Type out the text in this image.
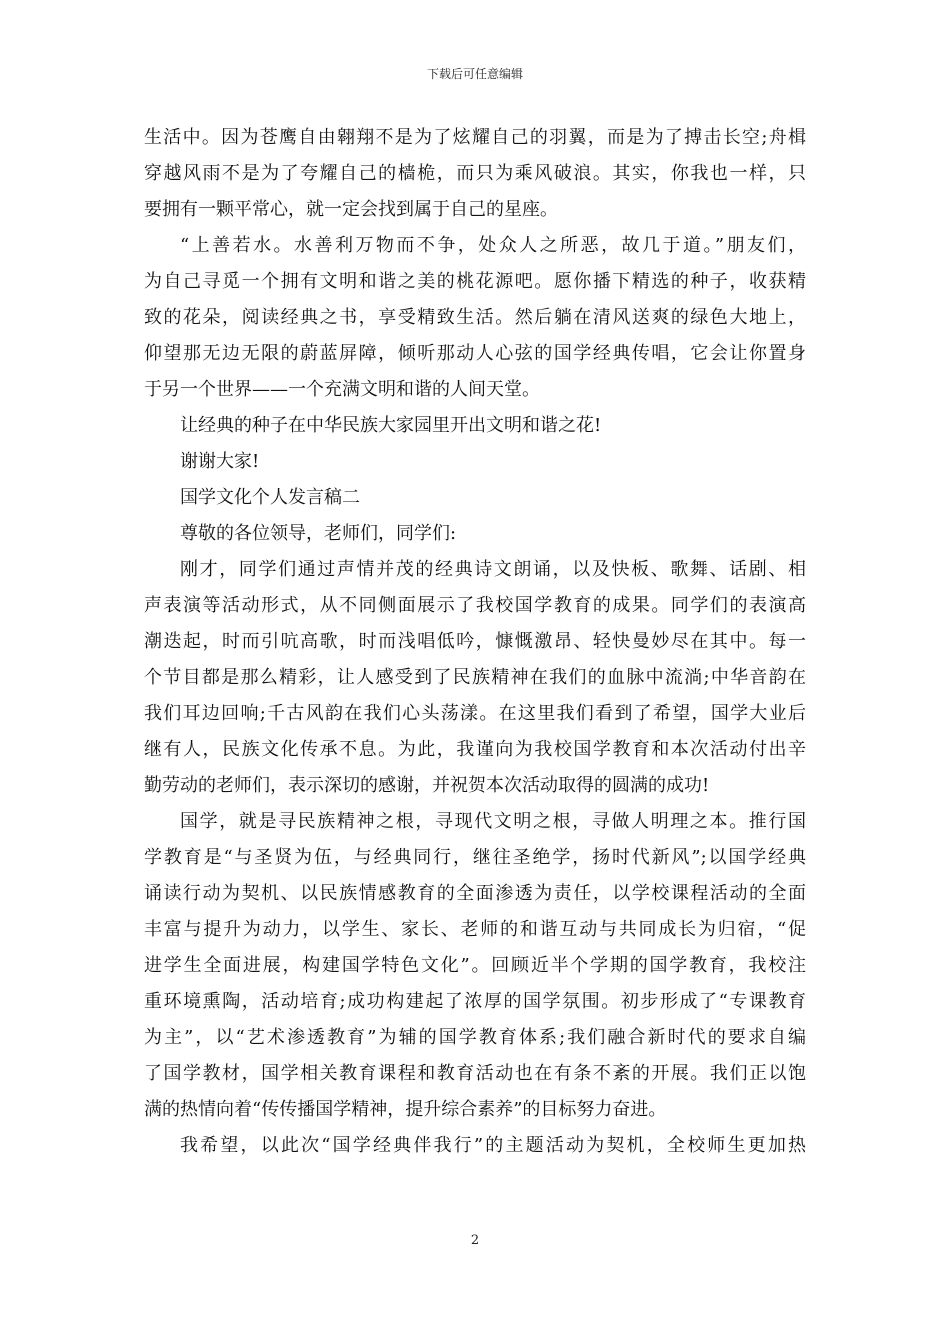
下载后可任意编辑
生活中。因为苍鹰自由翱翔不是为了炫耀自己的羽翼，而是为了搏击长空;舟楫
穿越风雨不是为了夸耀自己的樯桅，而只为乘风破浪。其实，你我也一样，只
要拥有一颗平常心，就一定会找到属于自己的星座。
“上善若水。水善利万物而不争，处众人之所恶，故几于道。”朋友们，
为自己寻觅一个拥有文明和谐之美的桃花源吧。愿你播下精选的种子，收获精
致的花朵，阅读经典之书，享受精致生活。然后躺在清风送爽的绿色大地上，
仰望那无边无限的蔚蓝屏障，倾听那动人心弦的国学经典传唱，它会让你置身
于另一个世界——一个充满文明和谐的人间天堂。
让经典的种子在中华民族大家园里开出文明和谐之花!
谢谢大家!
国学文化个人发言稿二
尊敬的各位领导，老师们，同学们:
刚才，同学们通过声情并茂的经典诗文朗诵，以及快板、歌舞、话剧、相
声表演等活动形式，从不同侧面展示了我校国学教育的成果。同学们的表演高
潮迭起，时而引吭高歌，时而浅唱低吟，慷慨激昂、轻快曼妙尽在其中。每一
个节目都是那么精彩，让人感受到了民族精神在我们的血脉中流淌;中华音韵在
我们耳边回响;千古风韵在我们心头荡漾。在这里我们看到了希望，国学大业后
继有人，民族文化传承不息。为此，我谨向为我校国学教育和本次活动付出辛
勤劳动的老师们，表示深切的感谢，并祝贺本次活动取得的圆满的成功!
国学，就是寻民族精神之根，寻现代文明之根，寻做人明理之本。推行国
学教育是“与圣贤为伍，与经典同行，继往圣绝学，扬时代新风”;以国学经典
诵读行动为契机、以民族情感教育的全面渗透为责任，以学校课程活动的全面
丰富与提升为动力，以学生、家长、老师的和谐互动与共同成长为归宿，“促
进学生全面进展，构建国学特色文化”。回顾近半个学期的国学教育，我校注
重环境熏陶，活动培育;成功构建起了浓厚的国学氛围。初步形成了“专课教育
为主”，以“艺术渗透教育”为辅的国学教育体系;我们融合新时代的要求自编
了国学教材，国学相关教育课程和教育活动也在有条不紊的开展。我们正以饱
满的热情向着“传传播国学精神，提升综合素养”的目标努力奋进。
我希望，以此次“国学经典伴我行”的主题活动为契机，全校师生更加热
2
